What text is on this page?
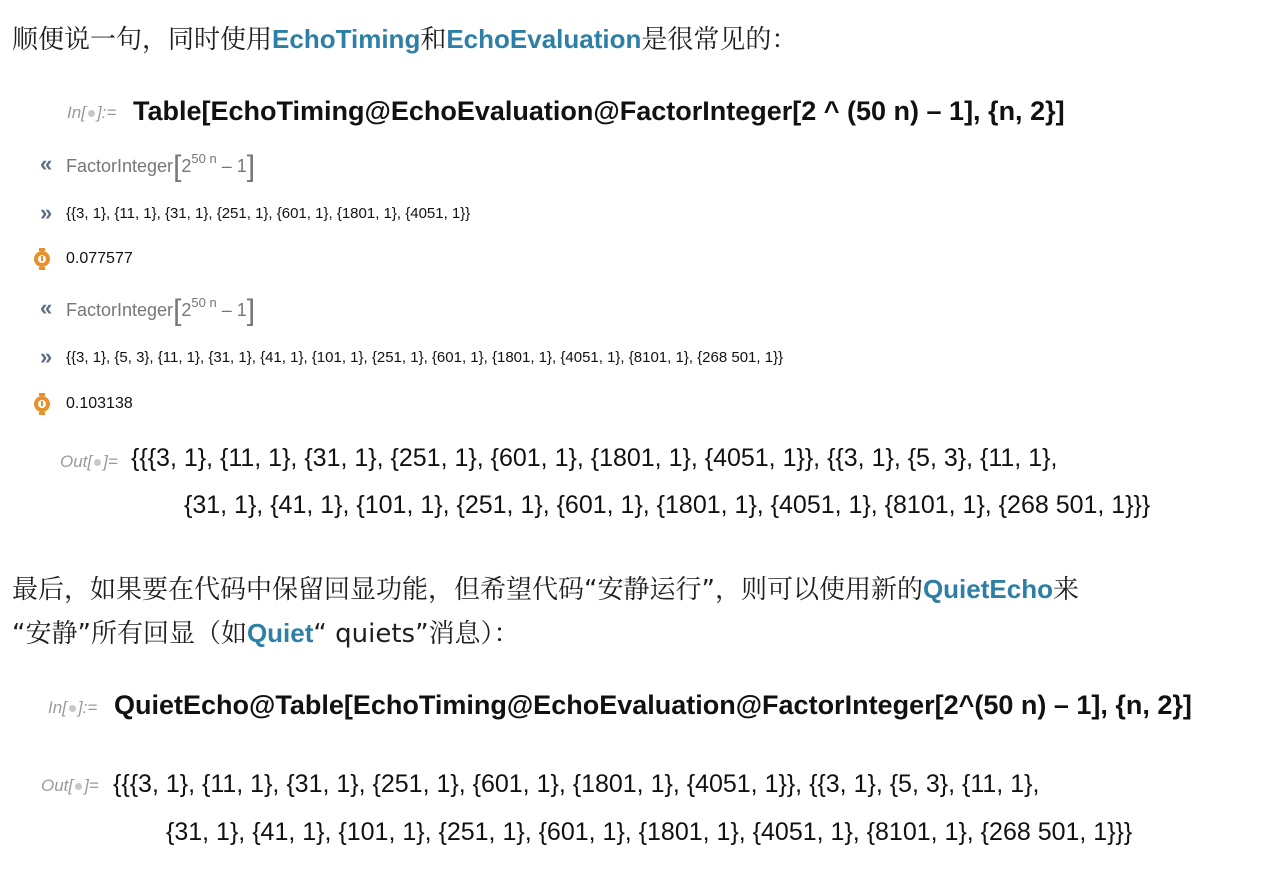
顺便说一句，同时使用EchoTiming和EchoEvaluation是很常见的：
In[ ]:= Table[EchoTiming@EchoEvaluation@FactorInteger[2 ^ (50 n) – 1], {n, 2}]
« $FactorInteger[2^{50 n} - 1]$
» {{3, 1}, {11, 1}, {31, 1}, {251, 1}, {601, 1}, {1801, 1}, {4051, 1}}
0.077577
« $FactorInteger[2^{50 n} - 1]$
» {{3, 1}, {5, 3}, {11, 1}, {31, 1}, {41, 1}, {101, 1}, {251, 1}, {601, 1}, {1801, 1}, {4051, 1}, {8101, 1}, {268 501, 1}}
0.103138
Out[ ]= {{{3, 1}, {11, 1}, {31, 1}, {251, 1}, {601, 1}, {1801, 1}, {4051, 1}}, {{3, 1}, {5, 3}, {11, 1},
{31, 1}, {41, 1}, {101, 1}, {251, 1}, {601, 1}, {1801, 1}, {4051, 1}, {8101, 1}, {268 501, 1}}}
最后，如果要在代码中保留回显功能，但希望代码“安静运行”，则可以使用新的QuietEcho来
“安静”所有回显（如Quiet“ quiets”消息）：
In[ ]:= QuietEcho@Table[EchoTiming@EchoEvaluation@FactorInteger[2^(50 n) – 1], {n, 2}]
Out[ ]= {{{3, 1}, {11, 1}, {31, 1}, {251, 1}, {601, 1}, {1801, 1}, {4051, 1}}, {{3, 1}, {5, 3}, {11, 1},
{31, 1}, {41, 1}, {101, 1}, {251, 1}, {601, 1}, {1801, 1}, {4051, 1}, {8101, 1}, {268 501, 1}}}
